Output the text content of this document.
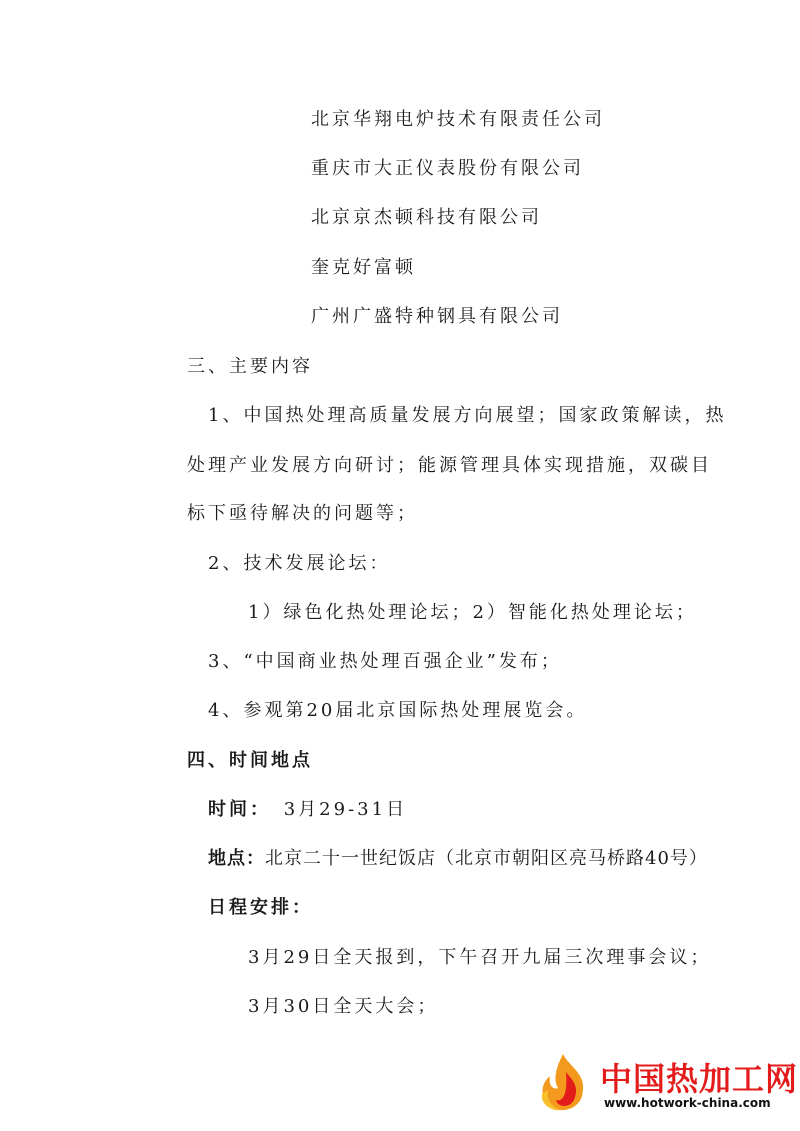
北京华翔电炉技术有限责任公司
重庆市大正仪表股份有限公司
北京京杰顿科技有限公司
奎克好富顿
广州广盛特种钢具有限公司
三、主要内容
1、中国热处理高质量发展方向展望；国家政策解读，热
处理产业发展方向研讨；能源管理具体实现措施，双碳目
标下亟待解决的问题等；
2、技术发展论坛：
1）绿色化热处理论坛；2）智能化热处理论坛；
3、“中国商业热处理百强企业”发布；
4、参观第20届北京国际热处理展览会。
四、时间地点
时间： 3月29-31日
地点：北京二十一世纪饭店（北京市朝阳区亮马桥路40号）
日程安排：
3月29日全天报到，下午召开九届三次理事会议；
3月30日全天大会；
中国热加工网
www.hotwork-china.com
